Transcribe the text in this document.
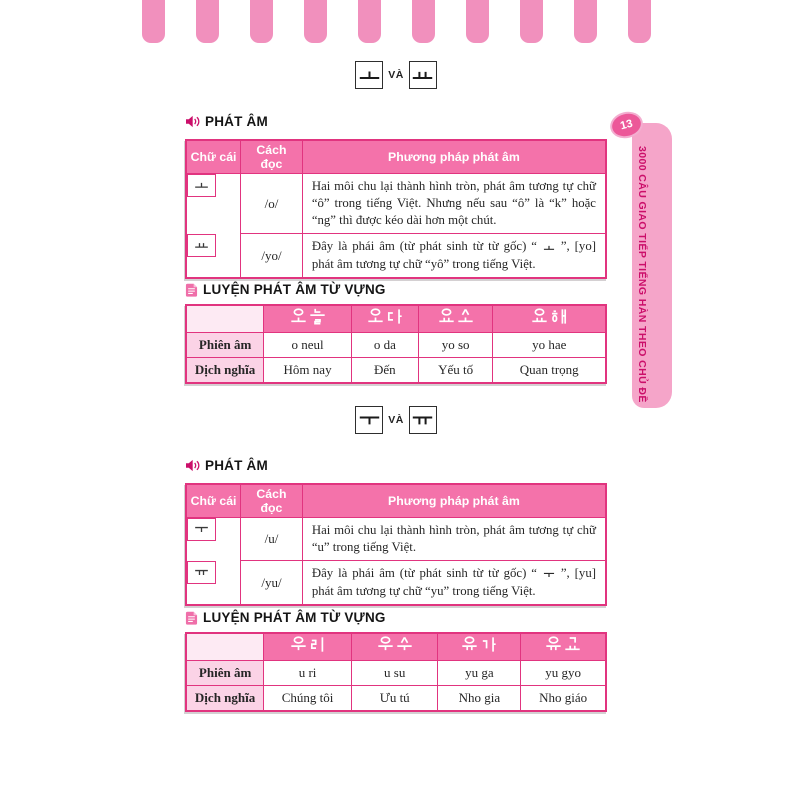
VÀ
PHÁT ÂM
Chữ cái	Cách đọc	Phương pháp phát âm

/o/	Hai môi chu lại thành hình tròn, phát âm tương tự chữ “ô” trong tiếng Việt. Nhưng nếu sau “ô” là “k” hoặc “ng” thì được kéo dài hơn một chút.

/yo/	Đây là phái âm (từ phát sinh từ từ gốc) “  ”, [yo] phát âm tương tự chữ “yô” trong tiếng Việt.
LUYỆN PHÁT ÂM TỪ VỰNG

Phiên âm	o neul	o da	yo so	yo hae
Dịch nghĩa	Hôm nay	Đến	Yếu tố	Quan trọng
VÀ
PHÁT ÂM
Chữ cái	Cách đọc	Phương pháp phát âm

/u/	Hai môi chu lại thành hình tròn, phát âm tương tự chữ “u” trong tiếng Việt.

/yu/	Đây là phái âm (từ phát sinh từ từ gốc) “  ”, [yu] phát âm tương tự chữ “yu” trong tiếng Việt.
LUYỆN PHÁT ÂM TỪ VỰNG

Phiên âm	u ri	u su	yu ga	yu gyo
Dịch nghĩa	Chúng tôi	Ưu tú	Nho gia	Nho giáo
3000 CÂU GIAO TIẾP TIẾNG HÀN THEO CHỦ ĐỀ
13
